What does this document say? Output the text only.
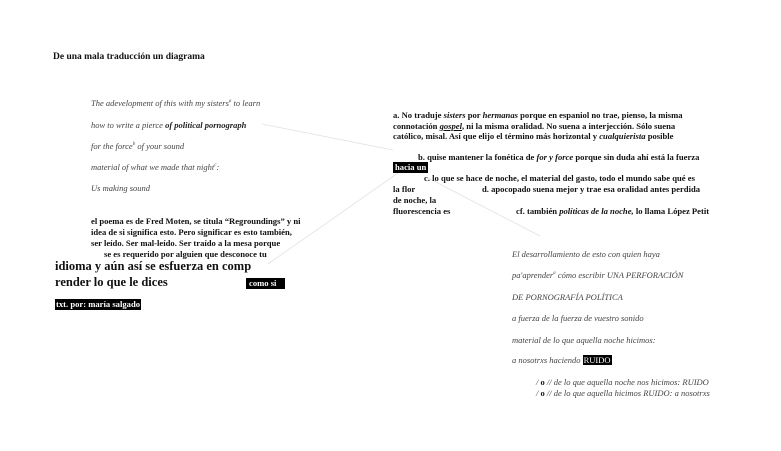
De una mala traducción un diagrama
The adevelopment of this with my sisters$^a$ to learn
how to write a pierce of political pornograph
for the force$^b$ of your sound
material of what we made that night$^c$:
Us making sound
a. No traduje sisters por hermanas porque en espaniol no trae, pienso, la misma
connotación gospel, ni la misma oralidad. No suena a interjección. Sólo suena
católico, misal. Así que elijo el término más horizontal y cualquierista posible
b. quise mantener la fonética de for y force porque sin duda ahí está la fuerza
hacia un
c. lo que se hace de noche, el material del gasto, todo el mundo sabe qué es
la flor	d. apocopado suena mejor y trae esa oralidad antes perdida
de noche, la
fluorescencia es	cf. también políticas de la noche, lo llama López Petit
el poema es de Fred Moten, se titula “Regroundings” y ni
idea de si significa esto. Pero significar es esto también,
ser leído. Ser mal-leído. Ser traído a la mesa porque
se es requerido por alguien que desconoce tu
idioma y aún así se esfuerza en comp
render lo que le dices	como si
txt. por: maría salgado
El desarrollamiento de esto con quien haya
pa'aprender$^a$ cómo escribir UNA PERFORACIÓN
DE PORNOGRAFÍA POLÍTICA
a fuerza de la fuerza de vuestro sonido
material de lo que aquella noche hicimos:
a nosotrxs haciendo RUIDO
/ o // de lo que aquella noche nos hicimos: RUIDO
/ o // de lo que aquella hicimos RUIDO: a nosotrxs
